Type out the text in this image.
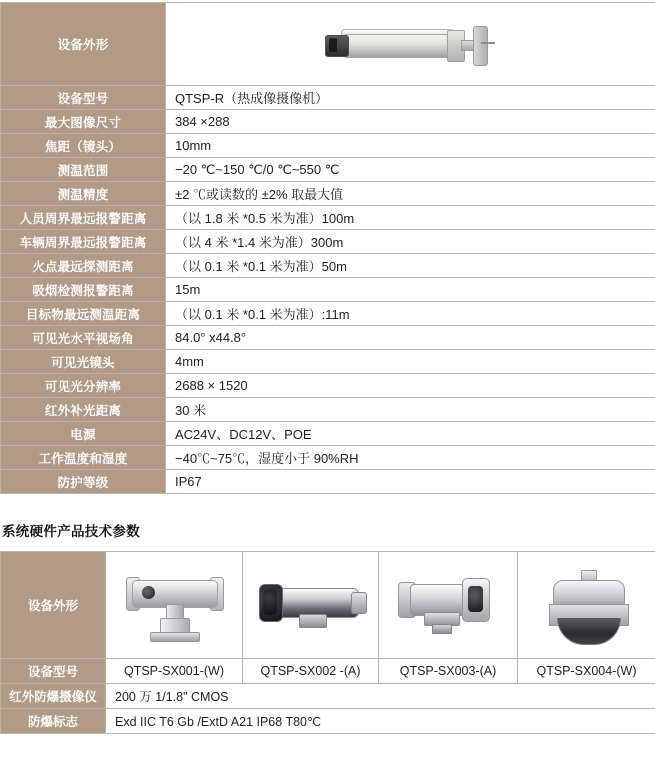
设备外形	

设备型号	QTSP-R（热成像摄像机）
最大图像尺寸	384 ×288
焦距（镜头）	10mm
测温范围	−20 ℃~150 ℃/0 ℃~550 ℃
测温精度	±2 ℃或读数的 ±2% 取最大值
人员周界最远报警距离	（以 1.8 米 *0.5 米为准）100m
车辆周界最远报警距离	（以 4 米 *1.4 米为准）300m
火点最远探测距离	（以 0.1 米 *0.1 米为准）50m
吸烟检测报警距离	15m
目标物最远测温距离	（以 0.1 米 *0.1 米为准）:11m
可见光水平视场角	84.0° x44.8°
可见光镜头	4mm
可见光分辨率	2688 × 1520
红外补光距离	30 米
电源	AC24V、DC12V、POE
工作温度和湿度	−40℃~75℃，湿度小于 90%RH
防护等级	IP67
系统硬件产品技术参数
设备外形	

设备型号	QTSP-SX001-(W)	QTSP-SX002 -(A)	QTSP-SX003-(A)	QTSP-SX004-(W)
红外防爆摄像仪	200 万 1/1.8" CMOS			
防爆标志	Exd IIC T6 Gb /ExtD A21 IP68 T80℃			
